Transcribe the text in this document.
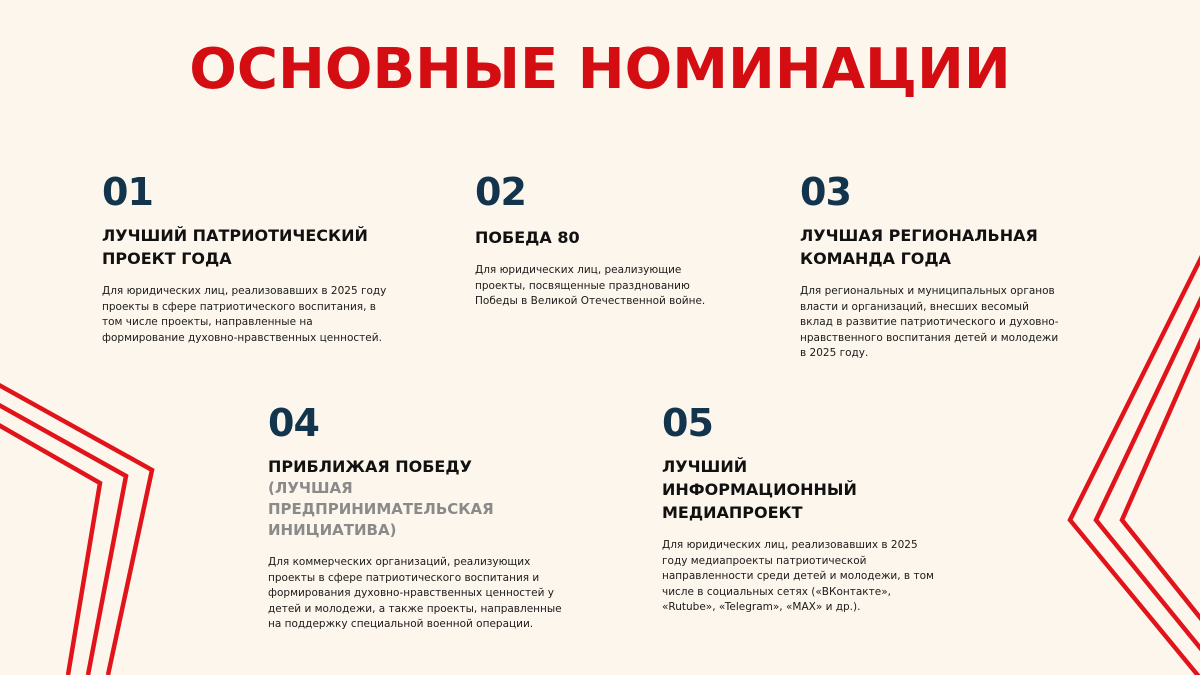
ОСНОВНЫЕ НОМИНАЦИИ
01
ЛУЧШИЙ ПАТРИОТИЧЕСКИЙ ПРОЕКТ ГОДА
Для юридических лиц, реализовавших в 2025 году проекты в сфере патриотического воспитания, в том числе проекты, направленные на формирование духовно-нравственных ценностей.
02
ПОБЕДА 80
Для юридических лиц, реализующие проекты, посвященные празднованию Победы в Великой Отечественной войне.
03
ЛУЧШАЯ РЕГИОНАЛЬНАЯ КОМАНДА ГОДА
Для региональных и муниципальных органов власти и организаций, внесших весомый вклад в развитие патриотического и духовно-нравственного воспитания детей и молодежи в 2025 году.
04
ПРИБЛИЖАЯ ПОБЕДУ
(ЛУЧШАЯ ПРЕДПРИНИМАТЕЛЬСКАЯ ИНИЦИАТИВА)
Для коммерческих организаций, реализующих проекты в сфере патриотического воспитания и формирования духовно-нравственных ценностей у детей и молодежи, а также проекты, направленные на поддержку специальной военной операции.
05
ЛУЧШИЙ ИНФОРМАЦИОННЫЙ МЕДИАПРОЕКТ
Для юридических лиц, реализовавших в 2025 году медиапроекты патриотической направленности среди детей и молодежи, в том числе в социальных сетях («ВКонтакте», «Rutube», «Telegram», «MAX» и др.).
